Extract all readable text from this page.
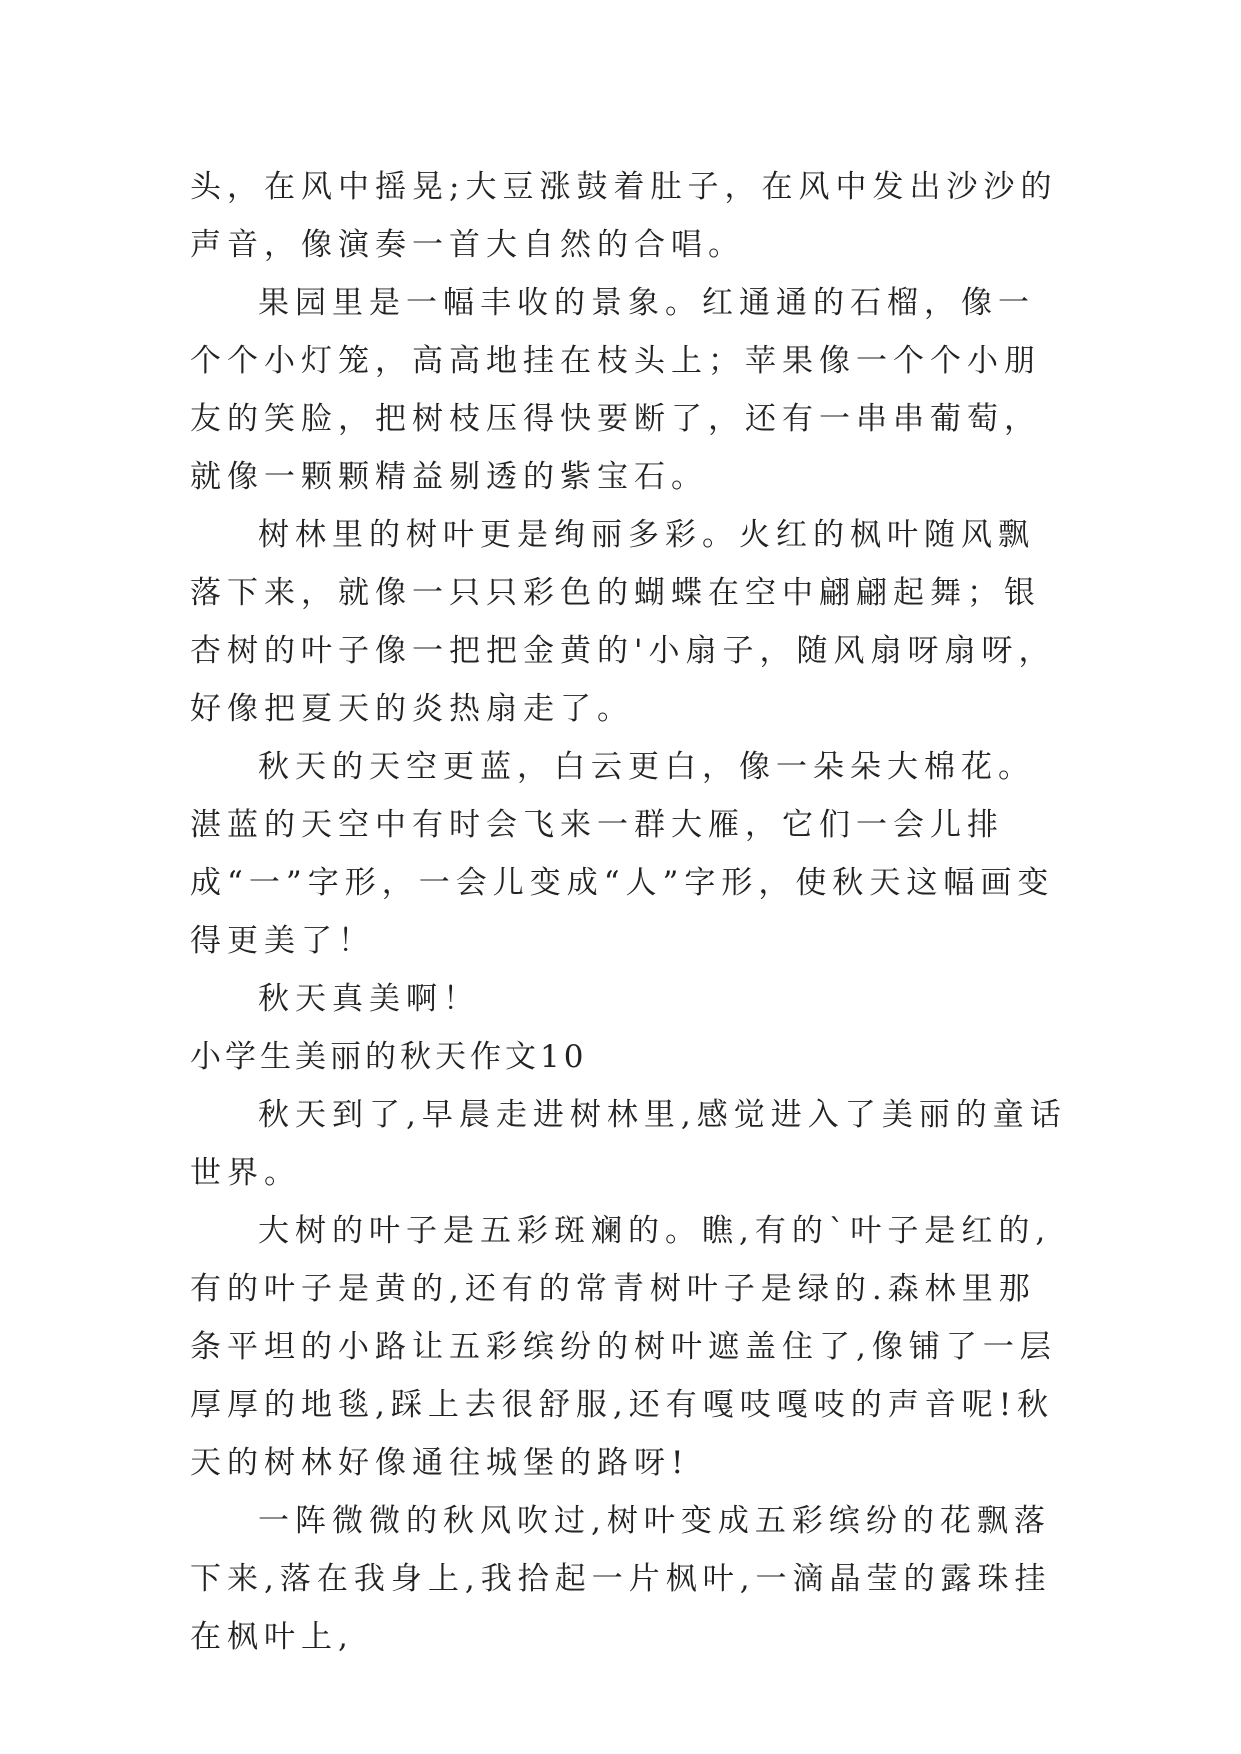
头，在风中摇晃;大豆涨鼓着肚子，在风中发出沙沙的声音，像演奏一首大自然的合唱。

果园里是一幅丰收的景象。红通通的石榴，像一个个小灯笼，高高地挂在枝头上；苹果像一个个小朋友的笑脸，把树枝压得快要断了，还有一串串葡萄，就像一颗颗精益剔透的紫宝石。

树林里的树叶更是绚丽多彩。火红的枫叶随风飘落下来，就像一只只彩色的蝴蝶在空中翩翩起舞；银杏树的叶子像一把把金黄的'小扇子，随风扇呀扇呀，好像把夏天的炎热扇走了。

秋天的天空更蓝，白云更白，像一朵朵大棉花。湛蓝的天空中有时会飞来一群大雁，它们一会儿排成“一”字形，一会儿变成“人”字形，使秋天这幅画变得更美了！

秋天真美啊！

小学生美丽的秋天作文10

秋天到了,早晨走进树林里,感觉进入了美丽的童话世界。

大树的叶子是五彩斑斓的。瞧,有的`叶子是红的,有的叶子是黄的,还有的常青树叶子是绿的.森林里那条平坦的小路让五彩缤纷的树叶遮盖住了,像铺了一层厚厚的地毯,踩上去很舒服,还有嘎吱嘎吱的声音呢!秋天的树林好像通往城堡的路呀!

一阵微微的秋风吹过,树叶变成五彩缤纷的花飘落下来,落在我身上,我拾起一片枫叶,一滴晶莹的露珠挂在枫叶上,
